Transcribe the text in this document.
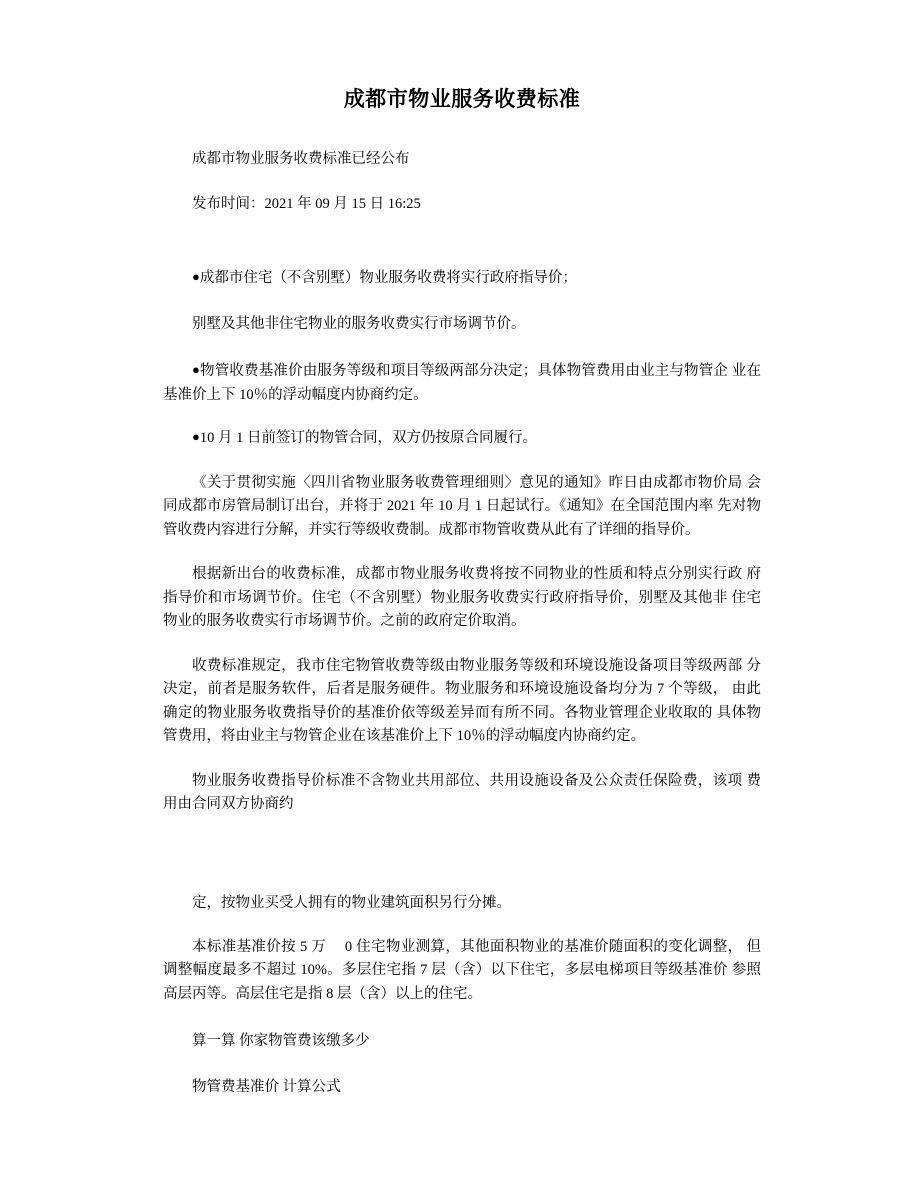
成都市物业服务收费标准

成都市物业服务收费标准已经公布

发布时间：2021 年 09 月 15 日 16:25

●成都市住宅（不含别墅）物业服务收费将实行政府指导价；

别墅及其他非住宅物业的服务收费实行市场调节价。

●物管收费基准价由服务等级和项目等级两部分决定；具体物管费用由业主与物管企 业在基准价上下 10％的浮动幅度内协商约定。

●10 月 1 日前签订的物管合同，双方仍按原合同履行。

《关于贯彻实施〈四川省物业服务收费管理细则〉意见的通知》昨日由成都市物价局 会同成都市房管局制订出台，并将于 2021 年 10 月 1 日起试行。《通知》在全国范围内率 先对物管收费内容进行分解，并实行等级收费制。成都市物管收费从此有了详细的指导价。

根据新出台的收费标准，成都市物业服务收费将按不同物业的性质和特点分别实行政 府指导价和市场调节价。住宅（不含别墅）物业服务收费实行政府指导价，别墅及其他非 住宅物业的服务收费实行市场调节价。之前的政府定价取消。

收费标准规定，我市住宅物管收费等级由物业服务等级和环境设施设备项目等级两部 分决定，前者是服务软件，后者是服务硬件。物业服务和环境设施设备均分为 7 个等级， 由此确定的物业服务收费指导价的基准价依等级差异而有所不同。各物业管理企业收取的 具体物管费用，将由业主与物管企业在该基准价上下 10％的浮动幅度内协商约定。

物业服务收费指导价标准不含物业共用部位、共用设施设备及公众责任保险费，该项 费用由合同双方协商约

定，按物业买受人拥有的物业建筑面积另行分摊。

本标准基准价按 5 万　 0 住宅物业测算，其他面积物业的基准价随面积的变化调整， 但调整幅度最多不超过 10%。多层住宅指 7 层（含）以下住宅，多层电梯项目等级基准价 参照高层丙等。高层住宅是指 8 层（含）以上的住宅。

算一算 你家物管费该缴多少

物管费基准价 计算公式
